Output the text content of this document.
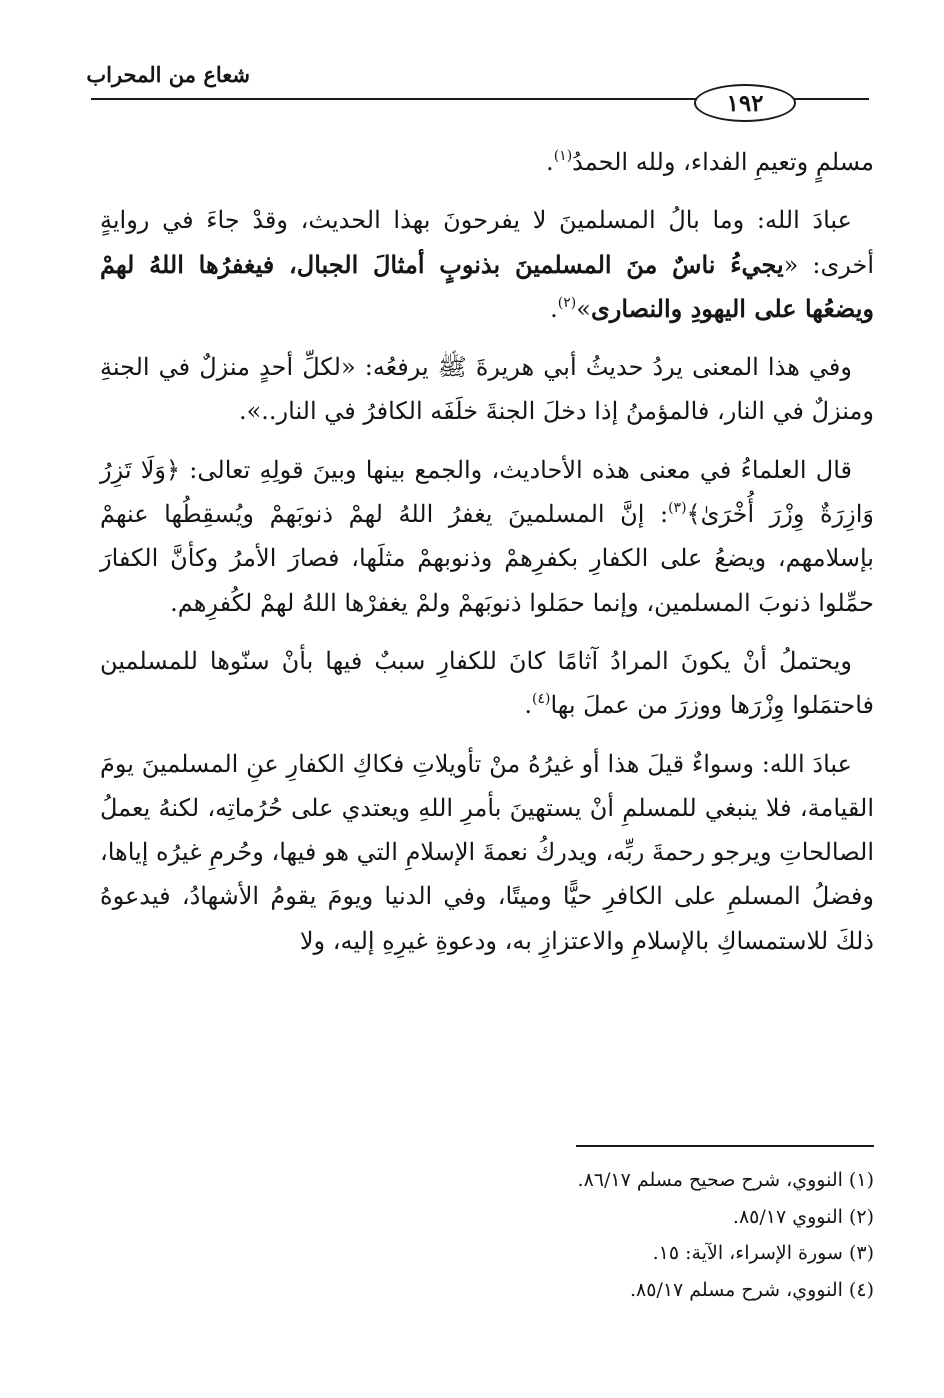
شعاع من المحراب
١٩٢

مسلمٍ وتعيمِ الفداء، ولله الحمدُ$^{(١)}$.

عبادَ الله: وما بالُ المسلمينَ لا يفرحونَ بهذا الحديث، وقدْ جاءَ في روايةٍ أخرى: «يجيءُ ناسٌ منَ المسلمينَ بذنوبٍ أمثالَ الجبال، فيغفرُها اللهُ لهمْ ويضعُها على اليهودِ والنصارى»$^{(٢)}$.

وفي هذا المعنى يردُ حديثُ أبي هريرةَ ﷺ يرفعُه: «لكلِّ أحدٍ منزلٌ في الجنةِ ومنزلٌ في النار، فالمؤمنُ إذا دخلَ الجنةَ خلَفَه الكافرُ في النار..».

قال العلماءُ في معنى هذه الأحاديث، والجمع بينها وبينَ قولِهِ تعالى: ﴿وَلَا تَزِرُ وَازِرَةٌ وِزْرَ أُخْرَىٰ﴾$^{(٣)}$: إنَّ المسلمينَ يغفرُ اللهُ لهمْ ذنوبَهمْ ويُسقِطُها عنهمْ بإسلامهم، ويضعُ على الكفارِ بكفرِهمْ وذنوبهمْ مثلَها، فصارَ الأمرُ وكأنَّ الكفارَ حمِّلوا ذنوبَ المسلمين، وإنما حمَلوا ذنوبَهمْ ولمْ يغفرْها اللهُ لهمْ لكُفرِهم.

ويحتملُ أنْ يكونَ المرادُ آثامًا كانَ للكفارِ سببٌ فيها بأنْ سنّوها للمسلمين فاحتمَلوا وِزْرَها ووزرَ من عملَ بها$^{(٤)}$.

عبادَ الله: وسواءٌ قيلَ هذا أو غيرُهُ منْ تأويلاتِ فكاكِ الكفارِ عنِ المسلمينَ يومَ القيامة، فلا ينبغي للمسلمِ أنْ يستهينَ بأمرِ اللهِ ويعتدي على حُرُماتِه، لكنهُ يعملُ الصالحاتِ ويرجو رحمةَ ربِّه، ويدركُ نعمةَ الإسلامِ التي هو فيها، وحُرمِ غيرُه إياها، وفضلُ المسلمِ على الكافرِ حيًّا وميتًا، وفي الدنيا ويومَ يقومُ الأشهادُ، فيدعوهُ ذلكَ للاستمساكِ بالإسلامِ والاعتزازِ به، ودعوةِ غيرِهِ إليه، ولا

(١) النووي، شرح صحيح مسلم ٨٦/١٧.
(٢) النووي ٨٥/١٧.
(٣) سورة الإسراء، الآية: ١٥.
(٤) النووي، شرح مسلم ٨٥/١٧.
